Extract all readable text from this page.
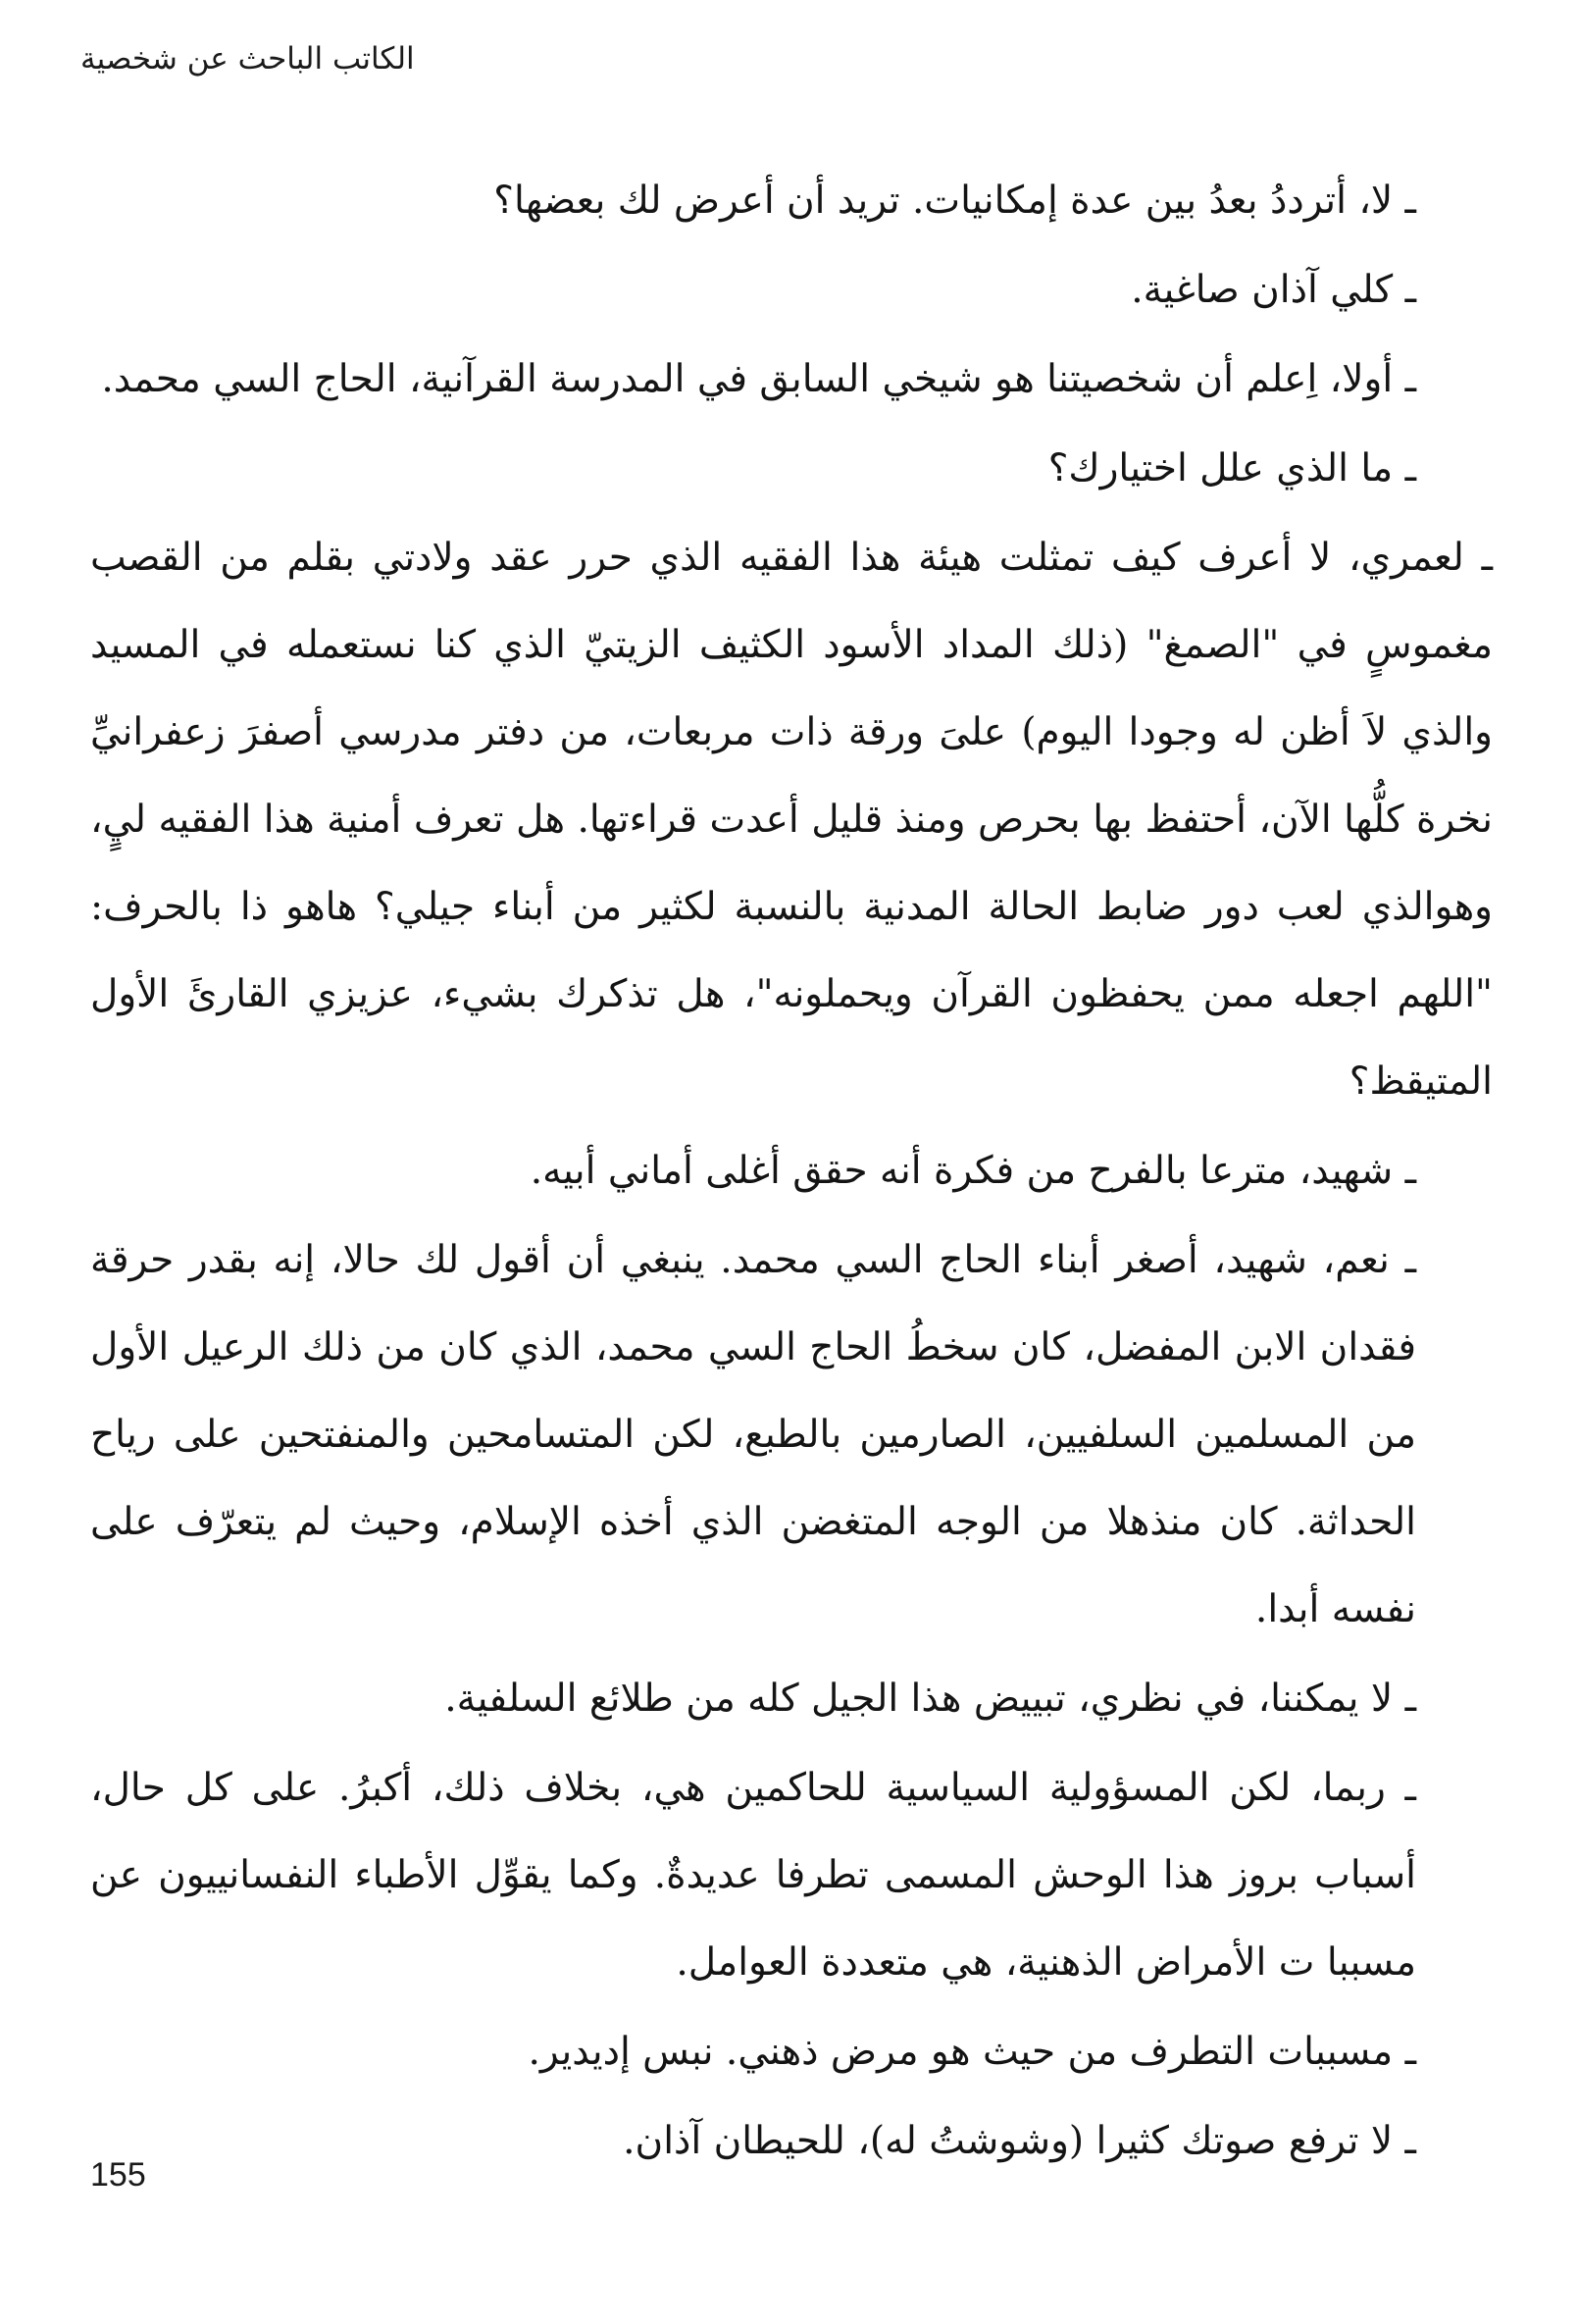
الكاتب الباحث عن شخصية

ـ لا، أترددُ بعدُ بين عدة إمكانيات. تريد أن أعرض لك بعضها؟

ـ كلي آذان صاغية.

ـ أولا، اِعلم أن شخصيتنا هو شيخي السابق في المدرسة القرآنية، الحاج السي محمد.

ـ ما الذي علل اختيارك؟

ـ لعمري، لا أعرف كيف تمثلت هيئة هذا الفقيه الذي حرر عقد ولادتي بقلم من القصب مغموسٍ في "الصمغ" (ذلك المداد الأسود الكثيف الزيتيّ الذي كنا نستعمله في المسيد والذي لاَ أظن له وجودا اليوم) علىَ ورقة ذات مربعات، من دفتر مدرسي أصفرَ زعفرانيِّ نخرة كلُّها الآن، أحتفظ بها بحرص ومنذ قليل أعدت قراءتها. هل تعرف أمنية هذا الفقيه ليٍ، وهوالذي لعب دور ضابط الحالة المدنية بالنسبة لكثير من أبناء جيلي؟ هاهو ذا بالحرف: "اللهم اجعله ممن يحفظون القرآن ويحملونه"، هل تذكرك بشيء، عزيزي القارئَ الأول المتيقظ؟

ـ شهيد، مترعا بالفرح من فكرة أنه حقق أغلى أماني أبيه.

ـ نعم، شهيد، أصغر أبناء الحاج السي محمد. ينبغي أن أقول لك حالا، إنه بقدر حرقة فقدان الابن المفضل، كان سخطُ الحاج السي محمد، الذي كان من ذلك الرعيل الأول من المسلمين السلفيين، الصارمين بالطبع، لكن المتسامحين والمنفتحين على رياح الحداثة. كان منذهلا من الوجه المتغضن الذي أخذه الإسلام، وحيث لم يتعرّف على نفسه أبدا.

ـ لا يمكننا، في نظري، تبييض هذا الجيل كله من طلائع السلفية.

ـ ربما، لكن المسؤولية السياسية للحاكمين هي، بخلاف ذلك، أكبرُ. على كل حال، أسباب بروز هذا الوحش المسمى تطرفا عديدةٌ. وكما يقوِّل الأطباء النفسانييون عن مسببا ت الأمراض الذهنية، هي متعددة العوامل.

ـ مسببات التطرف من حيث هو مرض ذهني. نبس إديدير.

ـ لا ترفع صوتك كثيرا (وشوشتُ له)، للحيطان آذان.

155
